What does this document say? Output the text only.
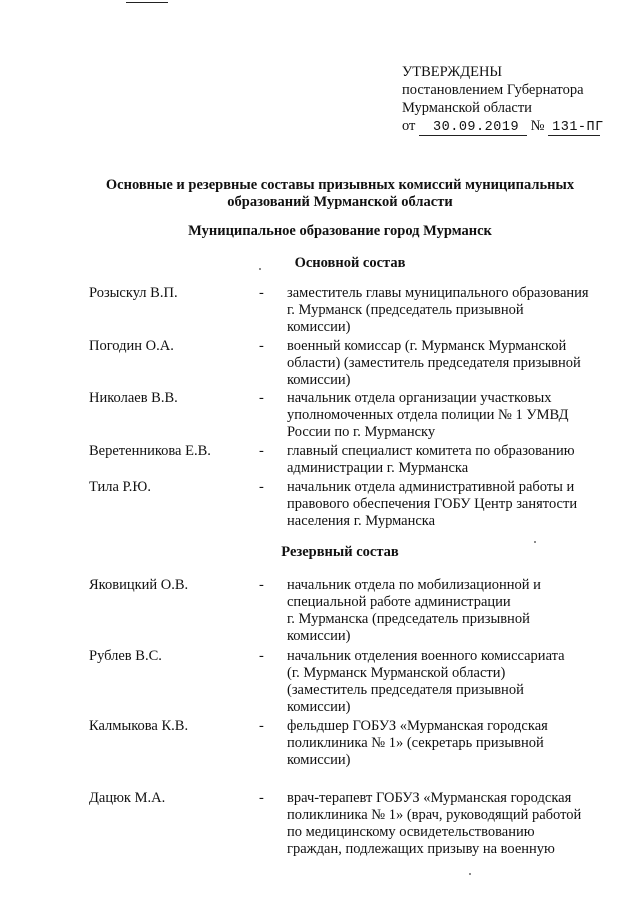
УТВЕРЖДЕНЫ
постановлением Губернатора
Мурманской области
от 30.09.2019 № 131-ПГ
Основные и резервные составы призывных комиссий муниципальных
образований Мурманской области
Муниципальное образование город Мурманск
Основной состав
Розыскул В.П.	- заместитель главы муниципального образования
г. Мурманск (председатель призывной
комиссии)
Погодин О.А.	- военный комиссар (г. Мурманск Мурманской
области) (заместитель председателя призывной
комиссии)
Николаев В.В.	- начальник отдела организации участковых
уполномоченных отдела полиции № 1 УМВД
России по г. Мурманску
Веретенникова Е.В.	- главный специалист комитета по образованию
администрации г. Мурманска
Тила Р.Ю.	- начальник отдела административной работы и
правового обеспечения ГОБУ Центр занятости
населения г. Мурманска
Резервный состав
Яковицкий О.В.	- начальник отдела по мобилизационной и
специальной работе администрации
г. Мурманска (председатель призывной
комиссии)
Рублев В.С.	- начальник отделения военного комиссариата
(г. Мурманск Мурманской области)
(заместитель председателя призывной
комиссии)
Калмыкова К.В.	- фельдшер ГОБУЗ «Мурманская городская
поликлиника № 1» (секретарь призывной
комиссии)
Дацюк М.А.	- врач-терапевт ГОБУЗ «Мурманская городская
поликлиника № 1» (врач, руководящий работой
по медицинскому освидетельствованию
граждан, подлежащих призыву на военную
